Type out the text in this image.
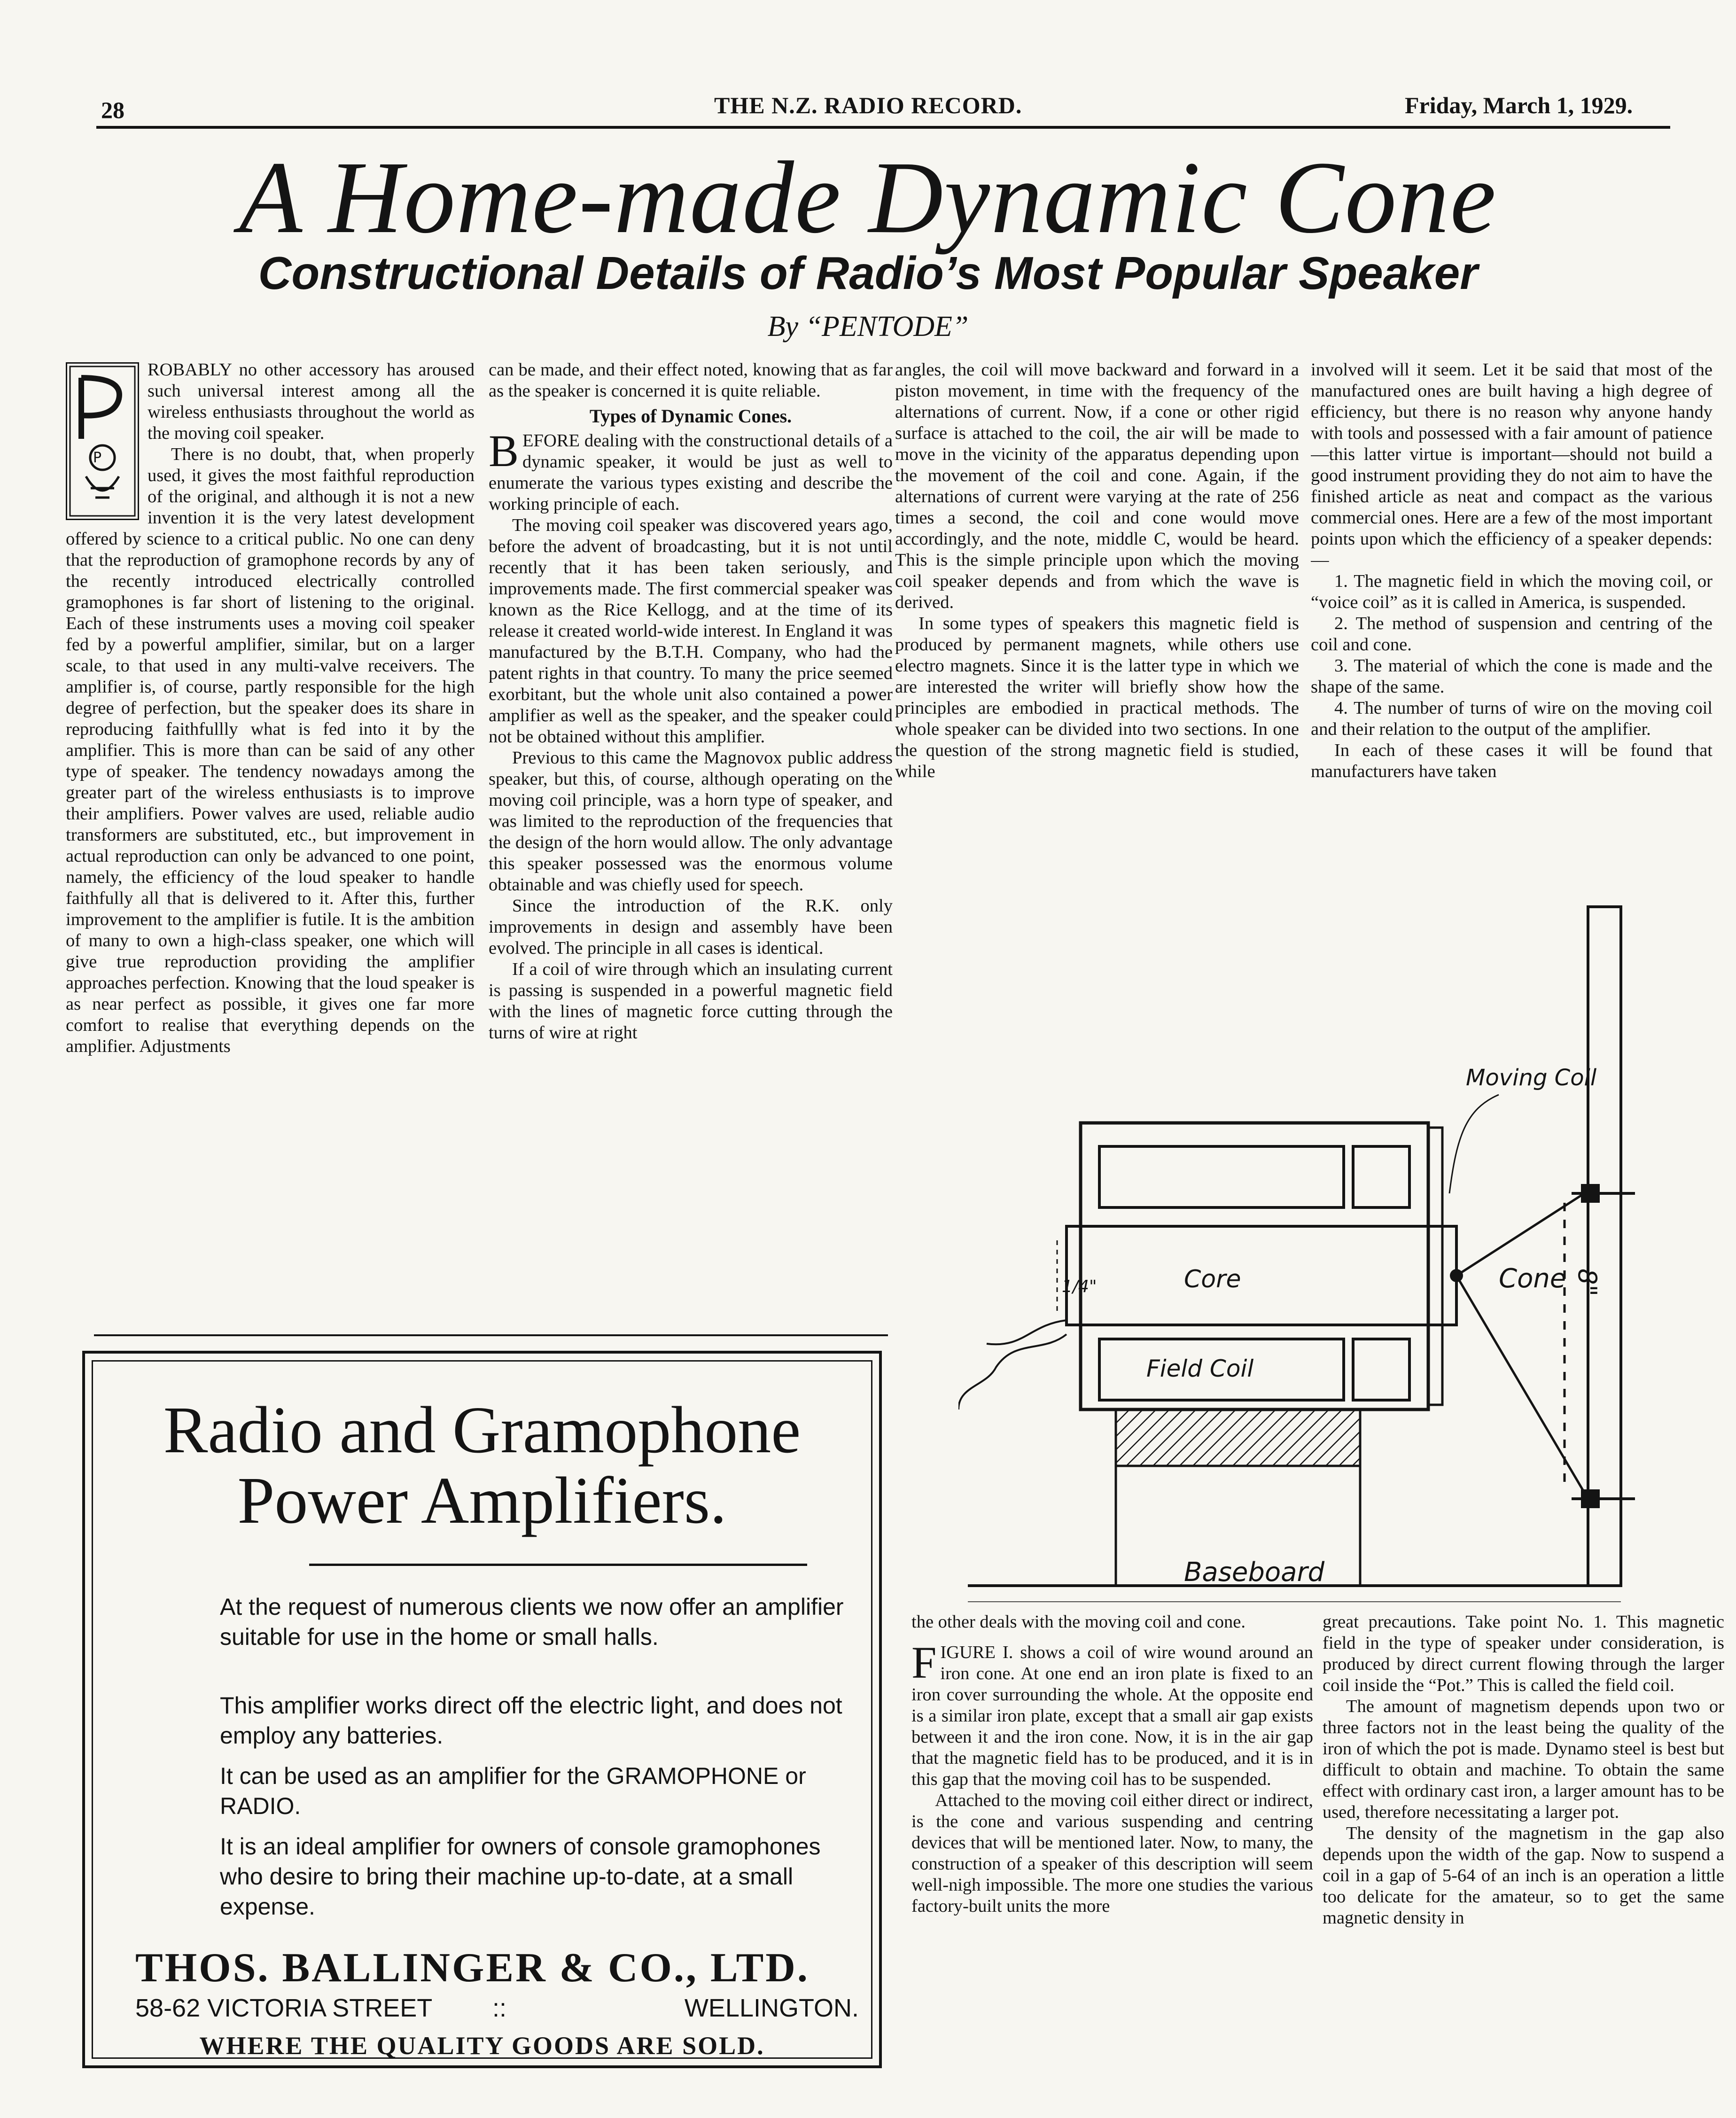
28	THE N.Z. RADIO RECORD.	Friday, March 1, 1929.
A Home-made Dynamic Cone
Constructional Details of Radio’s Most Popular Speaker
By “PENTODE”
P

ROBABLY no other accessory has aroused such universal interest among all the wireless enthusiasts throughout the world as the moving coil speaker.

There is no doubt, that, when properly used, it gives the most faithful reproduction of the original, and although it is not a new invention it is the very latest development offered by science to a critical public. No one can deny that the reproduction of gramophone records by any of the recently introduced electrically controlled gramophones is far short of listening to the original. Each of these instruments uses a moving coil speaker fed by a powerful amplifier, similar, but on a larger scale, to that used in any multi-valve receivers. The amplifier is, of course, partly responsible for the high degree of perfection, but the speaker does its share in reproducing faithfullly what is fed into it by the amplifier. This is more than can be said of any other type of speaker. The tendency nowadays among the greater part of the wireless enthusiasts is to improve their amplifiers. Power valves are used, reliable audio transformers are substituted, etc., but improvement in actual reproduction can only be advanced to one point, namely, the efficiency of the loud speaker to handle faithfully all that is delivered to it. After this, further improvement to the amplifier is futile. It is the ambition of many to own a high-class speaker, one which will give true reproduction providing the amplifier approaches perfection. Knowing that the loud speaker is as near perfect as possible, it gives one far more comfort to realise that everything depends on the amplifier. Adjustments

can be made, and their effect noted, knowing that as far as the speaker is concerned it is quite reliable.

Types of Dynamic Cones.

BEFORE dealing with the constructional details of a dynamic speaker, it would be just as well to enumerate the various types existing and describe the working principle of each.

The moving coil speaker was discovered years ago, before the advent of broadcasting, but it is not until recently that it has been taken seriously, and improvements made. The first commercial speaker was known as the Rice Kellogg, and at the time of its release it created world-wide interest. In England it was manufactured by the B.T.H. Company, who had the patent rights in that country. To many the price seemed exorbitant, but the whole unit also contained a power amplifier as well as the speaker, and the speaker could not be obtained without this amplifier.

Previous to this came the Magnovox public address speaker, but this, of course, although operating on the moving coil principle, was a horn type of speaker, and was limited to the reproduction of the frequencies that the design of the horn would allow. The only advantage this speaker possessed was the enormous volume obtainable and was chiefly used for speech.

Since the introduction of the R.K. only improvements in design and assembly have been evolved. The principle in all cases is identical.

If a coil of wire through which an insulating current is passing is suspended in a powerful magnetic field with the lines of magnetic force cutting through the turns of wire at right

angles, the coil will move backward and forward in a piston movement, in time with the frequency of the alternations of current. Now, if a cone or other rigid surface is attached to the coil, the air will be made to move in the vicinity of the apparatus depending upon the movement of the coil and cone. Again, if the alternations of current were varying at the rate of 256 times a second, the coil and cone would move accordingly, and the note, middle C, would be heard. This is the simple principle upon which the moving coil speaker depends and from which the wave is derived.

In some types of speakers this magnetic field is produced by permanent magnets, while others use electro magnets. Since it is the latter type in which we are interested the writer will briefly show how the principles are embodied in practical methods. The whole speaker can be divided into two sections. In one the question of the strong magnetic field is studied, while

involved will it seem. Let it be said that most of the manufactured ones are built having a high degree of efficiency, but there is no reason why anyone handy with tools and possessed with a fair amount of patience—this latter virtue is important—should not build a good instrument providing they do not aim to have the finished article as neat and compact as the various commercial ones. Here are a few of the most important points upon which the efficiency of a speaker depends:—

1. The magnetic field in which the moving coil, or “voice coil” as it is called in America, is suspended.

2. The method of suspension and centring of the coil and cone.

3. The material of which the cone is made and the shape of the same.

4. The number of turns of wire on the moving coil and their relation to the output of the amplifier.

In each of these cases it will be found that manufacturers have taken

Moving Coil
Core	Cone
Field Coil
Baseboard
1/4"	8"

the other deals with the moving coil and cone.

FIGURE I. shows a coil of wire wound around an iron cone. At one end an iron plate is fixed to an iron cover surrounding the whole. At the opposite end is a similar iron plate, except that a small air gap exists between it and the iron cone. Now, it is in the air gap that the magnetic field has to be produced, and it is in this gap that the moving coil has to be suspended.

Attached to the moving coil either direct or indirect, is the cone and various suspending and centring devices that will be mentioned later. Now, to many, the construction of a speaker of this description will seem well-nigh impossible. The more one studies the various factory-built units the more

great precautions. Take point No. 1. This magnetic field in the type of speaker under consideration, is produced by direct current flowing through the larger coil inside the “Pot.” This is called the field coil.

The amount of magnetism depends upon two or three factors not in the least being the quality of the iron of which the pot is made. Dynamo steel is best but difficult to obtain and machine. To obtain the same effect with ordinary cast iron, a larger amount has to be used, therefore necessitating a larger pot.

The density of the magnetism in the gap also depends upon the width of the gap. Now to suspend a coil in a gap of 5-64 of an inch is an operation a little too delicate for the amateur, so to get the same magnetic density in

Radio and Gramophone
Power Amplifiers.
At the request of numerous clients we now offer an amplifier suitable for use in the home or small halls.
This amplifier works direct off the electric light, and does not employ any batteries.
It can be used as an amplifier for the GRAMOPHONE or RADIO.
It is an ideal amplifier for owners of console gramophones who desire to bring their machine up-to-date, at a small expense.
THOS. BALLINGER & CO., LTD.
58-62 VICTORIA STREET ::	WELLINGTON.
WHERE THE QUALITY GOODS ARE SOLD.
